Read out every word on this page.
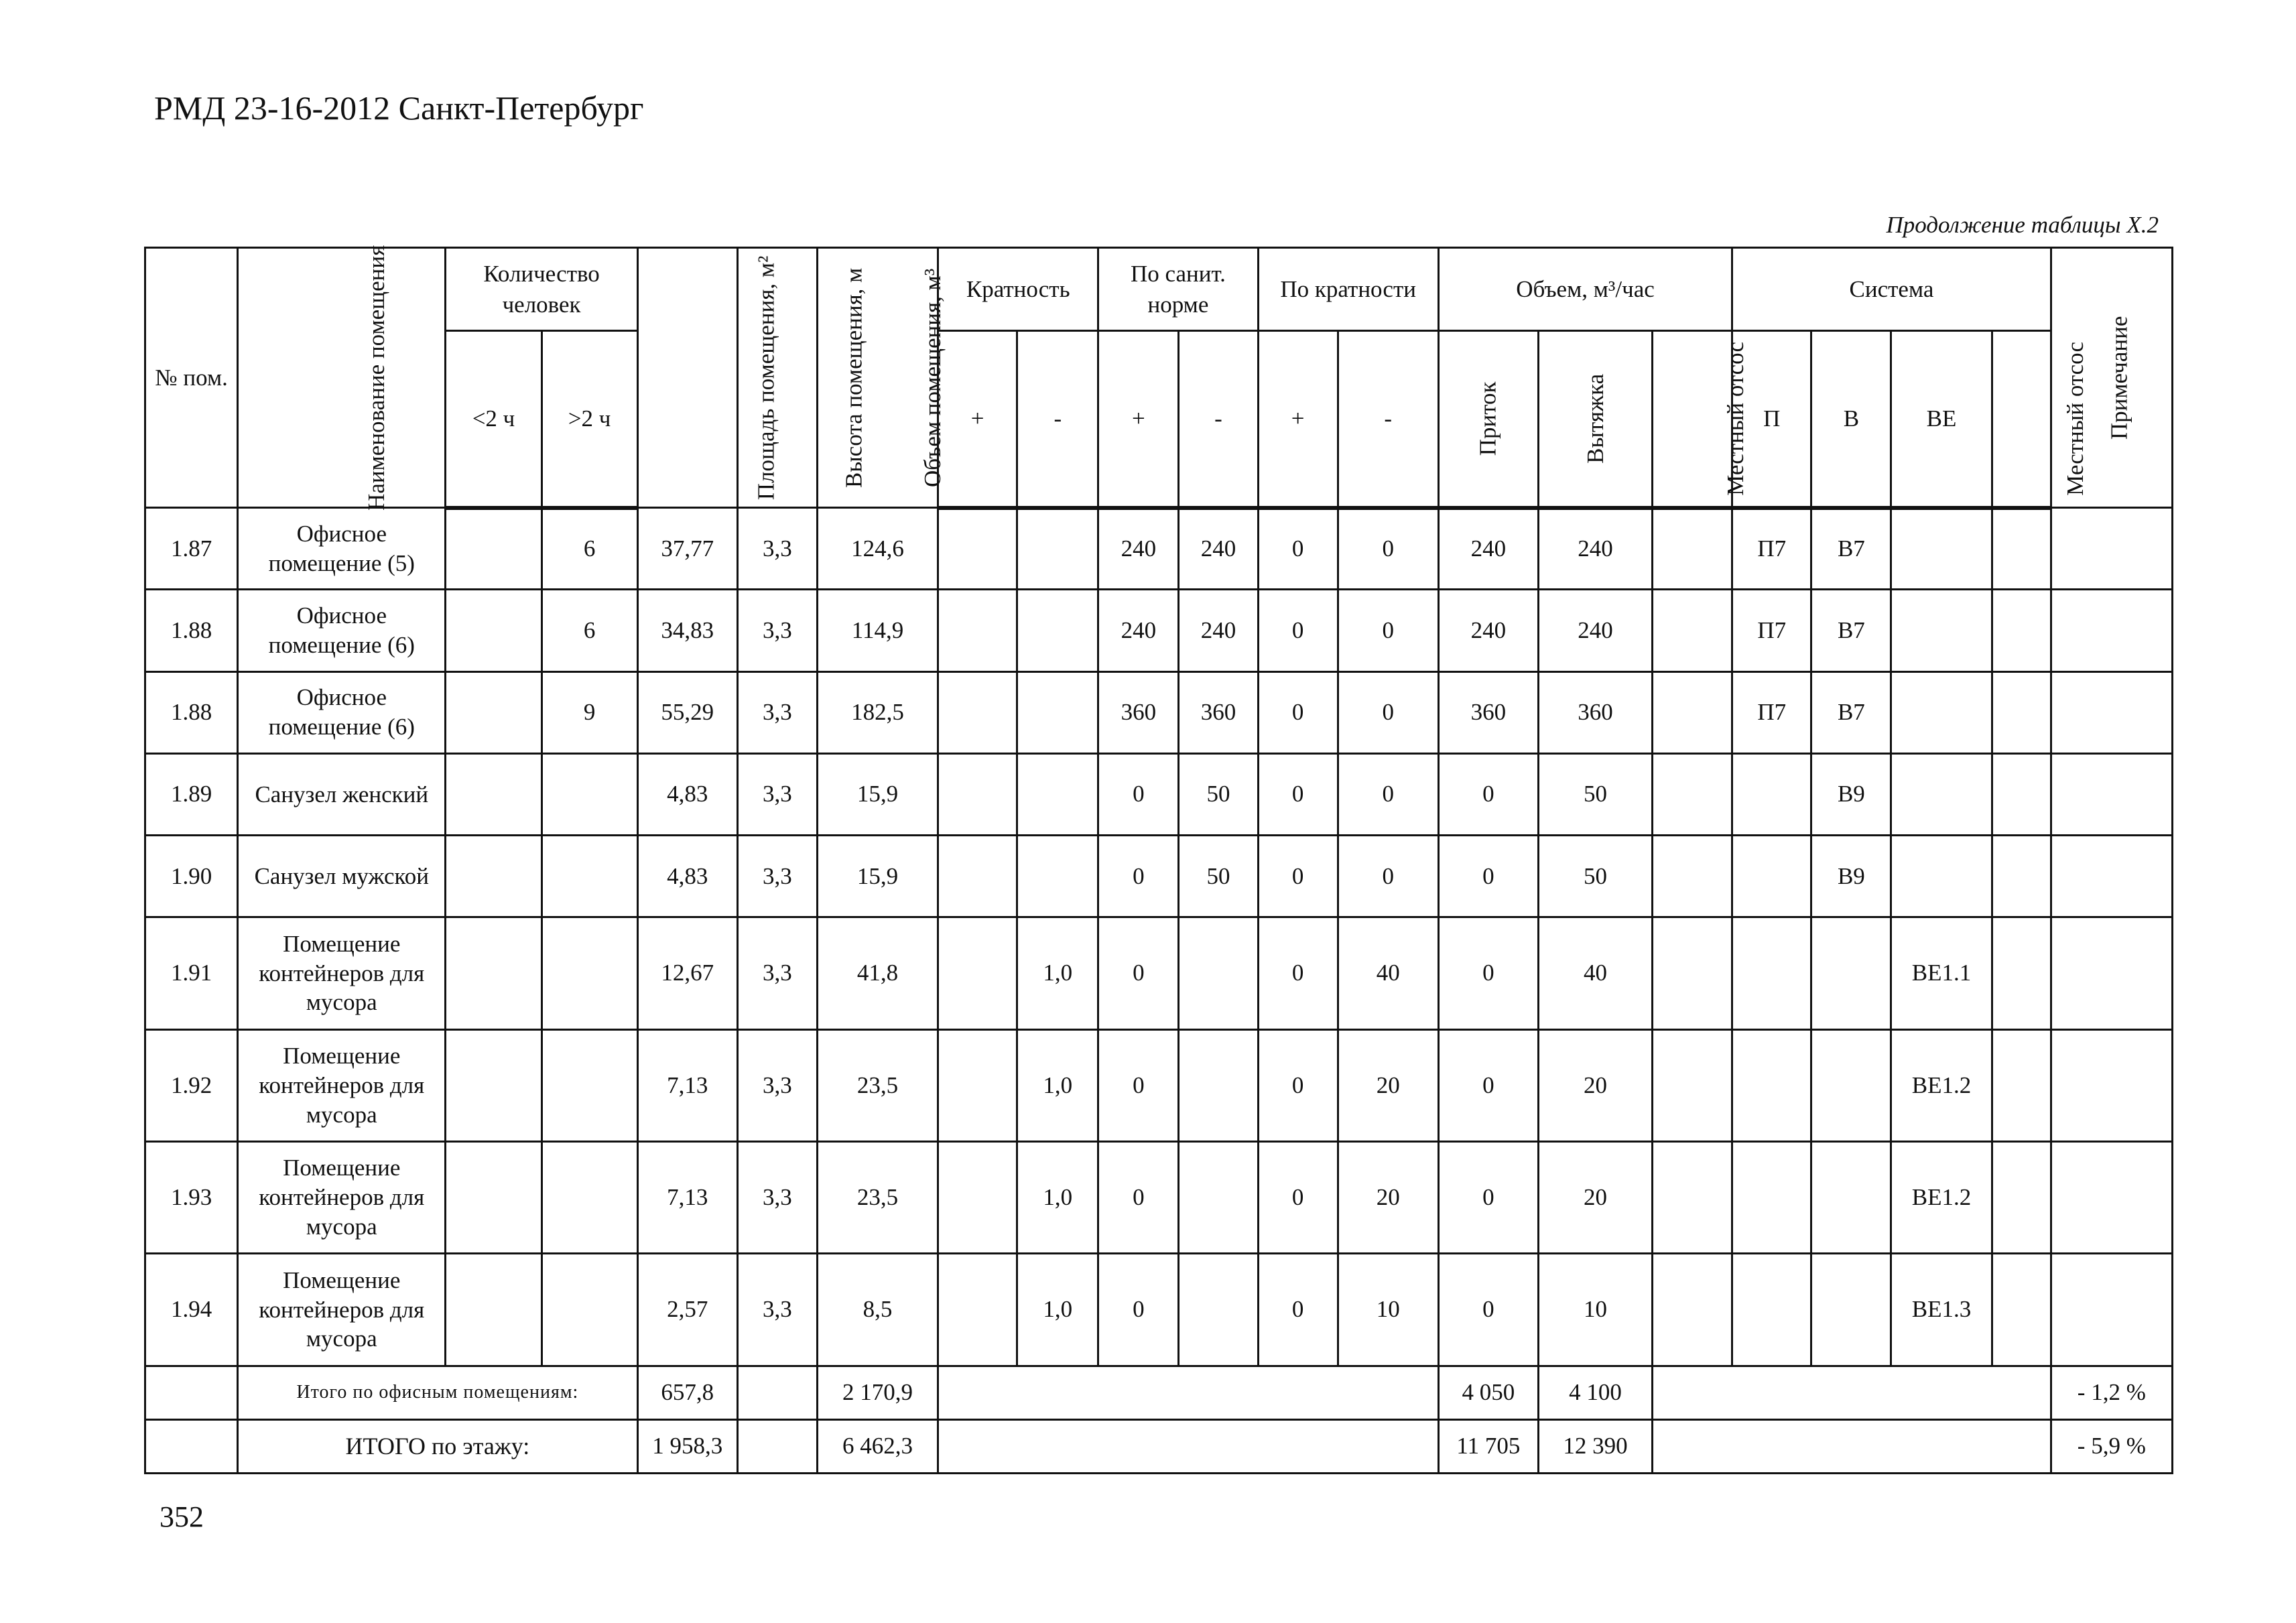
РМД 23-16-2012 Санкт-Петербург
Продолжение таблицы Х.2
№ пом.	Наименование помещения	Количество человек		Площадь помещения, м²	Высота помещения, м	Объем помещения, м³	Кратность		По санит. норме		По кратности		Объем, м³/час			Система				Примечание
		<2 ч	>2 ч				+	-	+	-	+	-	Приток	Вытяжка	Местный отсос	П	В	ВЕ	Местный отсос	
1.87	Офисное помещение (5)		6	37,77	3,3	124,6			240	240	0	0	240	240		П7	В7			
1.88	Офисное помещение (6)		6	34,83	3,3	114,9			240	240	0	0	240	240		П7	В7			
1.88	Офисное помещение (6)		9	55,29	3,3	182,5			360	360	0	0	360	360		П7	В7			
1.89	Санузел женский			4,83	3,3	15,9			0	50	0	0	0	50			В9			
1.90	Санузел мужской			4,83	3,3	15,9			0	50	0	0	0	50			В9			
1.91	Помещение контейнеров для мусора			12,67	3,3	41,8		1,0	0		0	40	0	40				ВЕ1.1		
1.92	Помещение контейнеров для мусора			7,13	3,3	23,5		1,0	0		0	20	0	20				ВЕ1.2		
1.93	Помещение контейнеров для мусора			7,13	3,3	23,5		1,0	0		0	20	0	20				ВЕ1.2		
1.94	Помещение контейнеров для мусора			2,57	3,3	8,5		1,0	0		0	10	0	10				ВЕ1.3		
	Итого по офисным помещениям:			657,8		2 170,9							4 050	4 100						- 1,2 %
	ИТОГО по этажу:			1 958,3		6 462,3							11 705	12 390						- 5,9 %
352
